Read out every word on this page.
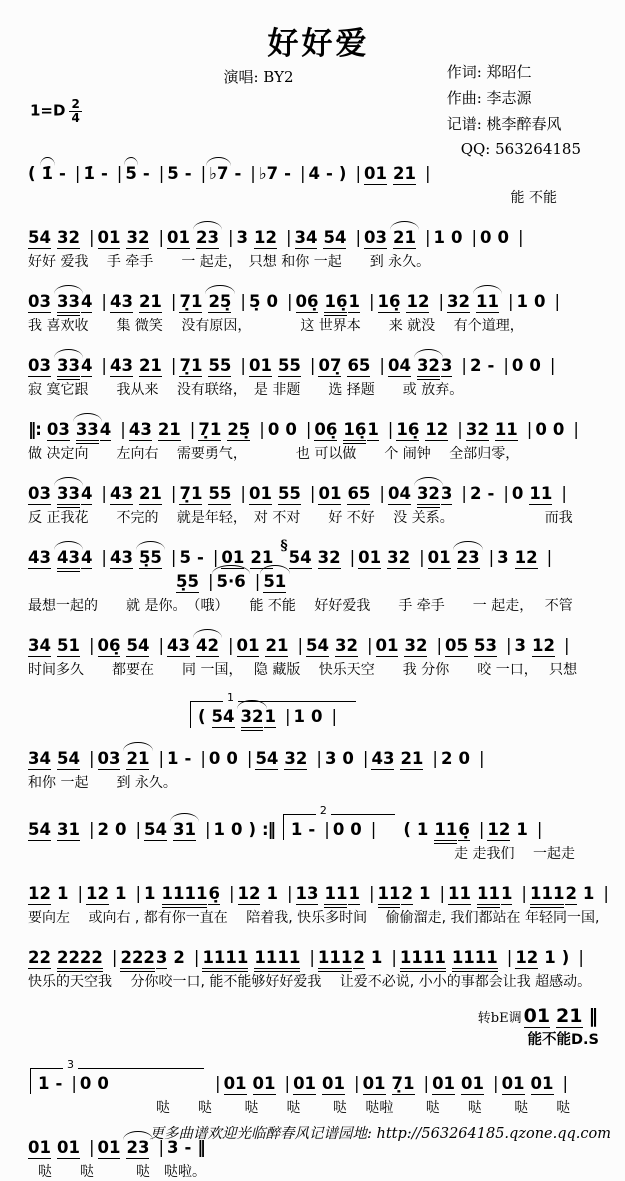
好好爱
演唱: BY2	作词: 郑昭仁
作曲: 李志源
记谱: 桃李醉春风
QQ: 563264185
$1=D \frac{2}{4}$
( 1̇ - | 1̇ - | 5 - | 5 - | ♭7 - | ♭7 - | 4 - ) | 01 21 |
能 不能
54 32 | 01 32 | 01 23 | 3 12 | 34 54 | 03 21 | 1 0 | 0 0 |
好好 爱我　 手 牵手　　一 起走，　只想 和你 一起　　到 永久。
03 334 | 43 21 | 7̣1 25̣ | 5̣ 0 | 06̣ 16̣1 | 16̣ 12 | 32 11 | 1 0 |
我 喜欢收　　集 微笑　 没有原因，　　　　这 世界本　　来 就没　 有个道理，
03 334 | 43 21 | 7̣1 55 | 01 55 | 07̣ 65 | 04 323 | 2 - | 0 0 |
寂 寞它跟　　我从来　 没有联络，　是 非题　　选 择题　　或 放弃。
‖: 03 334 | 43 21 | 7̣1 25̣ | 0 0 | 06̣ 16̣1 | 16̣ 12 | 32 11 | 0 0 |
做 决定向　　左向右　 需要勇气，　　　　也 可以做　　个 闹钟　 全部归零，
03 334 | 43 21 | 7̣1 55 | 01 55 | 01 65 | 04 323 | 2 - | 0 11 |
反 正我花　　不完的　 就是年轻，　对 不对　　好 不好　 没 关系。　　　　　　　而我
43 434 | 43 5̣5 | 5 - | 01 21§54 32 | 01 32 | 01 23 | 3 12 |
5̣5 | 5·6 | 51
最想一起的　　就 是你。　（哦）　　能 不能　 好好爱我　　手 牵手　　一 起走，　 不管
34 51 | 06̣ 54 | 43 42 | 01 21 | 54 32 | 01 32 | 05 53 | 3 12 |
时间多久　　都要在　　同 一国，　 隐 藏版　 快乐天空　　我 分你　　咬 一口，　 只想
1
( 54 321 | 1 0 |
34 54 | 03 21 | 1 - | 0 0 | 54 32 | 3 0 | 43 21 | 2 0 |
和你 一起　　到 永久。
54 31 | 2 0 | 54 31 | 1 0 ) :‖
2
1 - | 0 0 | ( 1 116̣ | 12 1 |
走 走我们　 一起走
12 1 | 12 1 | 1 11116̣ | 12 1 | 13 111 | 112 1 | 11 111 | 1112 1 |
要向左　 或向右 , 都有你一直在　 陪着我, 快乐多时间　 偷偷溜走, 我们都站在 年轻同一国,
22 2222 | 2223 2 | 1111 1111 | 1112 1 | 1111 1111 | 12 1 ) |
快乐的天空我　 分你咬一口, 能不能够好好爱我　 让爱不必说, 小小的事都会让我 超感动。
转bE调 01 21 ‖
能不能D.S
3
1 - | 0 0	| 01 01 | 01 01 | 01 7̣1 | 01 01 | 01 01 |
哒　　哒　　 哒　　哒　　 哒　 哒啦　　 哒　　哒　　 哒　　哒
01 01 | 01 23 | 3 - ‖
哒　　哒　　　哒　哒啦。
更多曲谱欢迎光临醉春风记谱园地: http://563264185.qzone.qq.com
